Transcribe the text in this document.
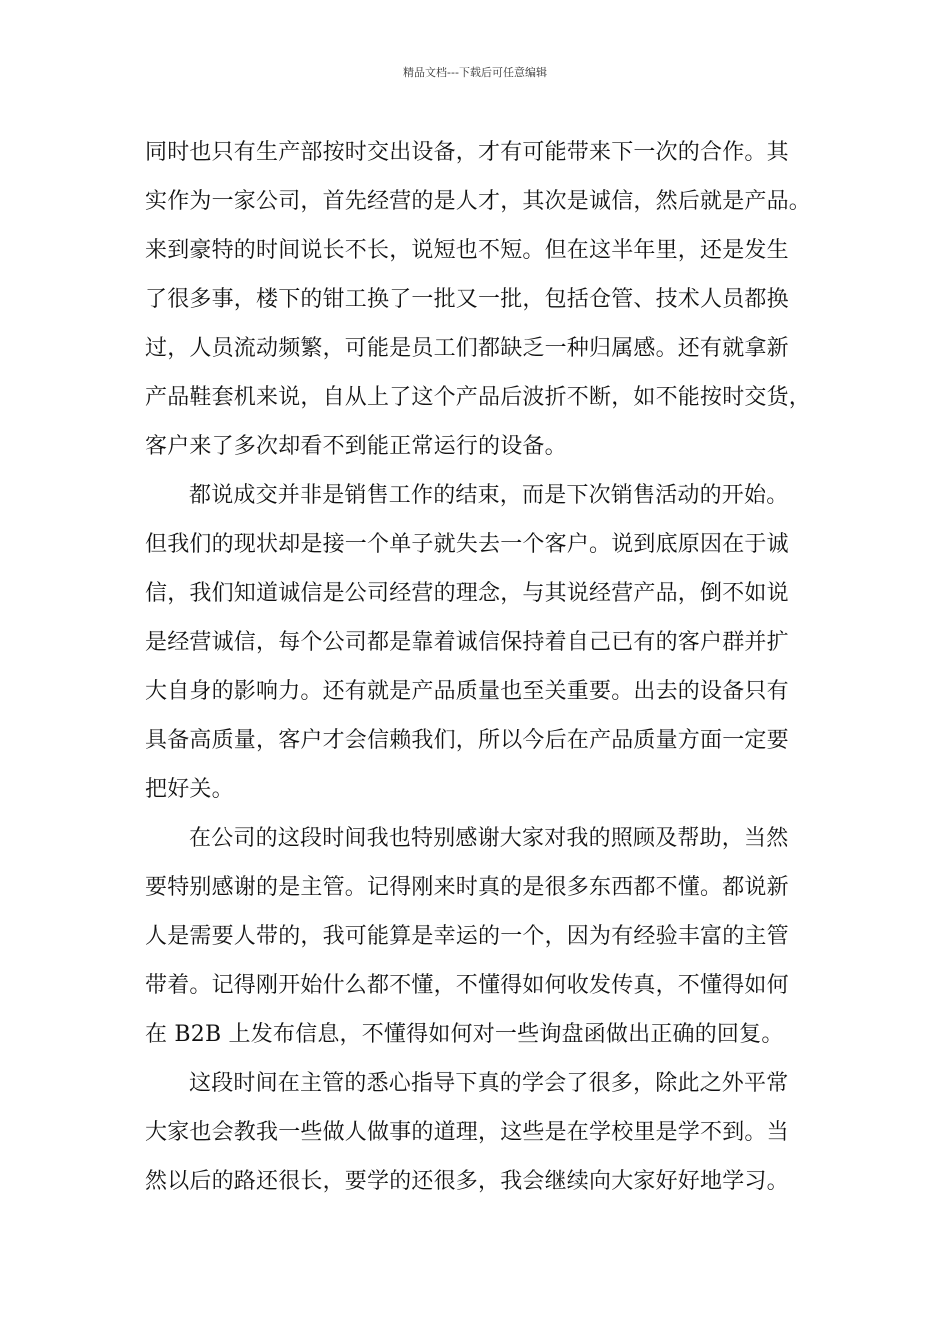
精品文档---下载后可任意编辑
同时也只有生产部按时交出设备，才有可能带来下一次的合作。其
实作为一家公司，首先经营的是人才，其次是诚信，然后就是产品。
来到豪特的时间说长不长，说短也不短。但在这半年里，还是发生
了很多事，楼下的钳工换了一批又一批，包括仓管、技术人员都换
过，人员流动频繁，可能是员工们都缺乏一种归属感。还有就拿新
产品鞋套机来说，自从上了这个产品后波折不断，如不能按时交货，
客户来了多次却看不到能正常运行的设备。
都说成交并非是销售工作的结束，而是下次销售活动的开始。
但我们的现状却是接一个单子就失去一个客户。说到底原因在于诚
信，我们知道诚信是公司经营的理念，与其说经营产品，倒不如说
是经营诚信，每个公司都是靠着诚信保持着自己已有的客户群并扩
大自身的影响力。还有就是产品质量也至关重要。出去的设备只有
具备高质量，客户才会信赖我们，所以今后在产品质量方面一定要
把好关。
在公司的这段时间我也特别感谢大家对我的照顾及帮助，当然
要特别感谢的是主管。记得刚来时真的是很多东西都不懂。都说新
人是需要人带的，我可能算是幸运的一个，因为有经验丰富的主管
带着。记得刚开始什么都不懂，不懂得如何收发传真，不懂得如何
在 B2B 上发布信息，不懂得如何对一些询盘函做出正确的回复。
这段时间在主管的悉心指导下真的学会了很多，除此之外平常
大家也会教我一些做人做事的道理，这些是在学校里是学不到。当
然以后的路还很长，要学的还很多，我会继续向大家好好地学习。
